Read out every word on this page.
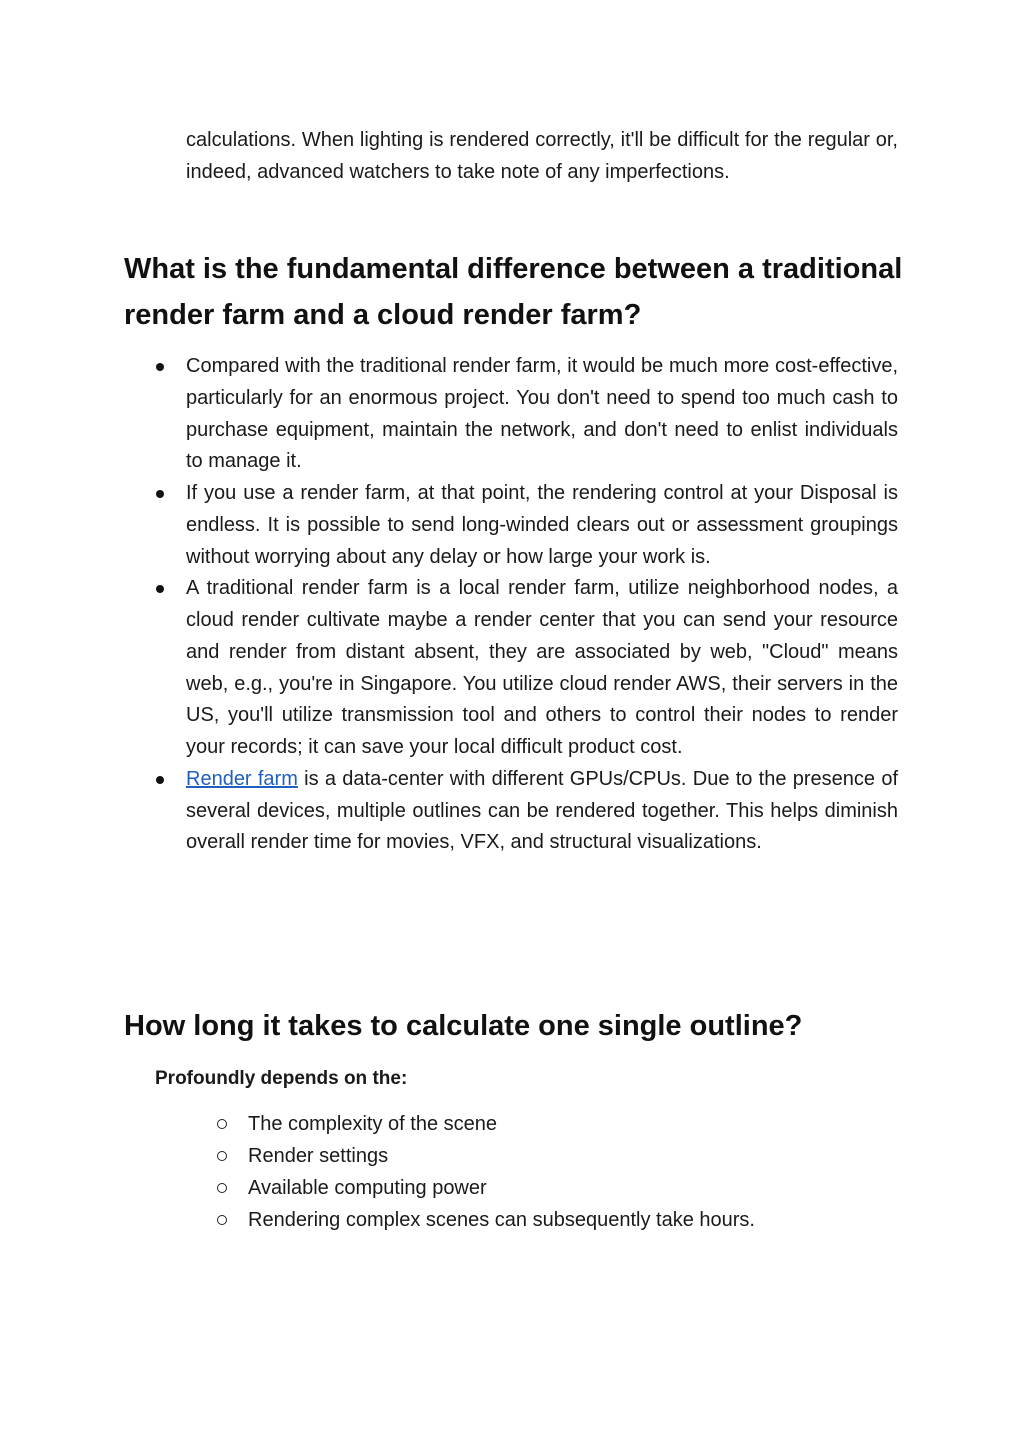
calculations. When lighting is rendered correctly, it'll be difficult for the regular or, indeed, advanced watchers to take note of any imperfections.

What is the fundamental difference between a traditional render farm and a cloud render farm?
Compared with the traditional render farm, it would be much more cost-effective, particularly for an enormous project. You don't need to spend too much cash to purchase equipment, maintain the network, and don't need to enlist individuals to manage it.
If you use a render farm, at that point, the rendering control at your Disposal is endless. It is possible to send long-winded clears out or assessment groupings without worrying about any delay or how large your work is.
A traditional render farm is a local render farm, utilize neighborhood nodes, a cloud render cultivate maybe a render center that you can send your resource and render from distant absent, they are associated by web, "Cloud" means web, e.g., you're in Singapore. You utilize cloud render AWS, their servers in the US, you'll utilize transmission tool and others to control their nodes to render your records; it can save your local difficult product cost.
Render farm is a data-center with different GPUs/CPUs. Due to the presence of several devices, multiple outlines can be rendered together. This helps diminish overall render time for movies, VFX, and structural visualizations.
How long it takes to calculate one single outline?

Profoundly depends on the:

The complexity of the scene
Render settings
Available computing power
Rendering complex scenes can subsequently take hours.
